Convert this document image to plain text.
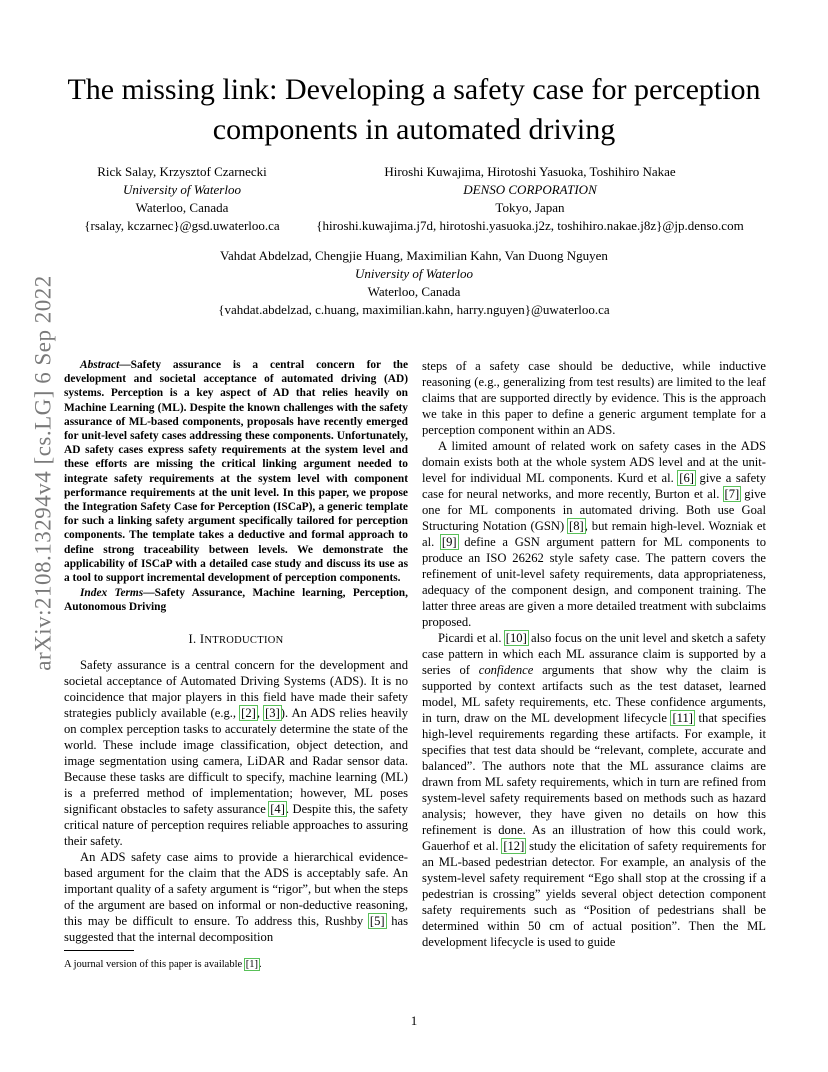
arXiv:2108.13294v4 [cs.LG] 6 Sep 2022
The missing link: Developing a safety case for perception components in automated driving
Rick Salay, Krzysztof Czarnecki
University of Waterloo
Waterloo, Canada
{rsalay, kczarnec}@gsd.uwaterloo.ca
Hiroshi Kuwajima, Hirotoshi Yasuoka, Toshihiro Nakae
DENSO CORPORATION
Tokyo, Japan
{hiroshi.kuwajima.j7d, hirotoshi.yasuoka.j2z, toshihiro.nakae.j8z}@jp.denso.com
Vahdat Abdelzad, Chengjie Huang, Maximilian Kahn, Van Duong Nguyen
University of Waterloo
Waterloo, Canada
{vahdat.abdelzad, c.huang, maximilian.kahn, harry.nguyen}@uwaterloo.ca

Abstract—Safety assurance is a central concern for the development and societal acceptance of automated driving (AD) systems. Perception is a key aspect of AD that relies heavily on Machine Learning (ML). Despite the known challenges with the safety assurance of ML-based components, proposals have recently emerged for unit-level safety cases addressing these components. Unfortunately, AD safety cases express safety requirements at the system level and these efforts are missing the critical linking argument needed to integrate safety requirements at the system level with component performance requirements at the unit level. In this paper, we propose the Integration Safety Case for Perception (ISCaP), a generic template for such a linking safety argument specifically tailored for perception components. The template takes a deductive and formal approach to define strong traceability between levels. We demonstrate the applicability of ISCaP with a detailed case study and discuss its use as a tool to support incremental development of perception components.

Index Terms—Safety Assurance, Machine learning, Perception, Autonomous Driving

I. INTRODUCTION

Safety assurance is a central concern for the development and societal acceptance of Automated Driving Systems (ADS). It is no coincidence that major players in this field have made their safety strategies publicly available (e.g., [2], [3]). An ADS relies heavily on complex perception tasks to accurately determine the state of the world. These include image classification, object detection, and image segmentation using camera, LiDAR and Radar sensor data. Because these tasks are difficult to specify, machine learning (ML) is a preferred method of implementation; however, ML poses significant obstacles to safety assurance [4]. Despite this, the safety critical nature of perception requires reliable approaches to assuring their safety.

An ADS safety case aims to provide a hierarchical evidence-based argument for the claim that the ADS is acceptably safe. An important quality of a safety argument is “rigor”, but when the steps of the argument are based on informal or non-deductive reasoning, this may be difficult to ensure. To address this, Rushby [5] has suggested that the internal decomposition

steps of a safety case should be deductive, while inductive reasoning (e.g., generalizing from test results) are limited to the leaf claims that are supported directly by evidence. This is the approach we take in this paper to define a generic argument template for a perception component within an ADS.

A limited amount of related work on safety cases in the ADS domain exists both at the whole system ADS level and at the unit-level for individual ML components. Kurd et al. [6] give a safety case for neural networks, and more recently, Burton et al. [7] give one for ML components in automated driving. Both use Goal Structuring Notation (GSN) [8], but remain high-level. Wozniak et al. [9] define a GSN argument pattern for ML components to produce an ISO 26262 style safety case. The pattern covers the refinement of unit-level safety requirements, data appropriateness, adequacy of the component design, and component training. The latter three areas are given a more detailed treatment with subclaims proposed.

Picardi et al. [10] also focus on the unit level and sketch a safety case pattern in which each ML assurance claim is supported by a series of confidence arguments that show why the claim is supported by context artifacts such as the test dataset, learned model, ML safety requirements, etc. These confidence arguments, in turn, draw on the ML development lifecycle [11] that specifies high-level requirements regarding these artifacts. For example, it specifies that test data should be “relevant, complete, accurate and balanced”. The authors note that the ML assurance claims are drawn from ML safety requirements, which in turn are refined from system-level safety requirements based on methods such as hazard analysis; however, they have given no details on how this refinement is done. As an illustration of how this could work, Gauerhof et al. [12] study the elicitation of safety requirements for an ML-based pedestrian detector. For example, an analysis of the system-level safety requirement “Ego shall stop at the crossing if a pedestrian is crossing” yields several object detection component safety requirements such as “Position of pedestrians shall be determined within 50 cm of actual position”. Then the ML development lifecycle is used to guide

A journal version of this paper is available [1].
1
